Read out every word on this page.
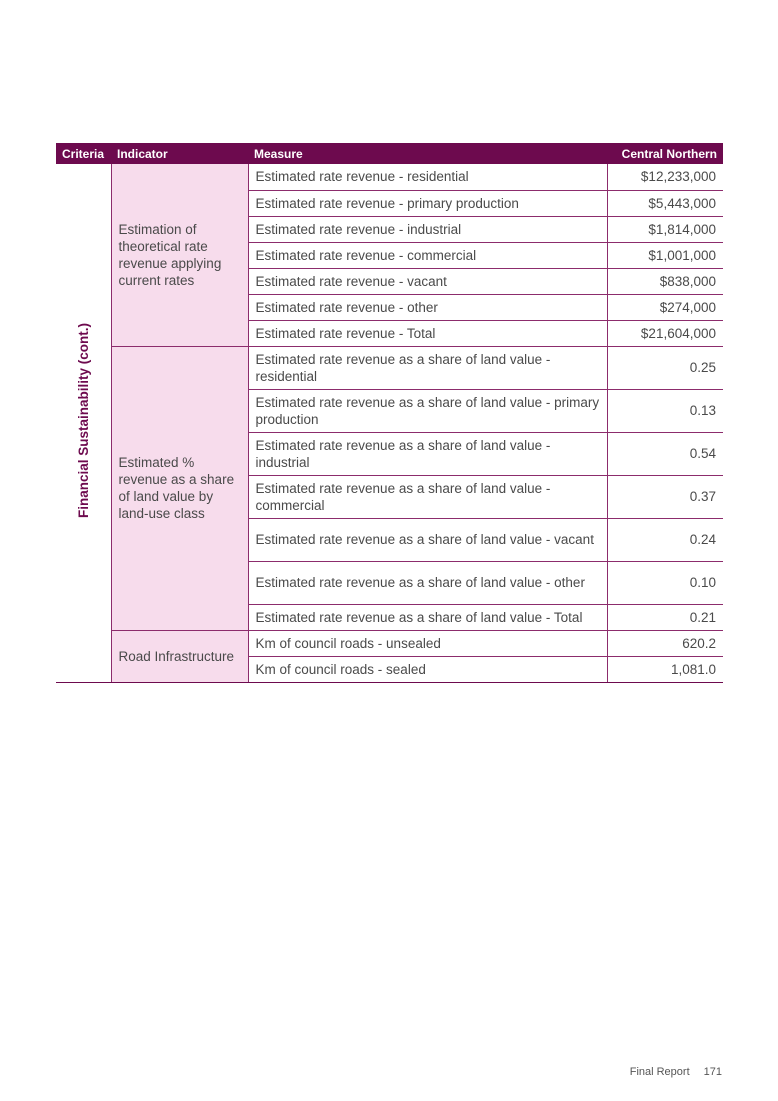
Criteria	Indicator	Measure	Central Northern
Financial Sustainability (cont.)	Estimation of theoretical rate revenue applying current rates	Estimated rate revenue - residential	$12,233,000
		Estimated rate revenue - primary production	$5,443,000
		Estimated rate revenue - industrial	$1,814,000
		Estimated rate revenue - commercial	$1,001,000
		Estimated rate revenue - vacant	$838,000
		Estimated rate revenue - other	$274,000
		Estimated rate revenue - Total	$21,604,000
	Estimated % revenue as a share of land value by land-use class	Estimated rate revenue as a share of land value - residential	0.25
		Estimated rate revenue as a share of land value - primary production	0.13
		Estimated rate revenue as a share of land value - industrial	0.54
		Estimated rate revenue as a share of land value - commercial	0.37
		Estimated rate revenue as a share of land value - vacant	0.24
		Estimated rate revenue as a share of land value - other	0.10
		Estimated rate revenue as a share of land value - Total	0.21
	Road Infrastructure	Km of council roads - unsealed	620.2
		Km of council roads - sealed	1,081.0
Final Report 171
